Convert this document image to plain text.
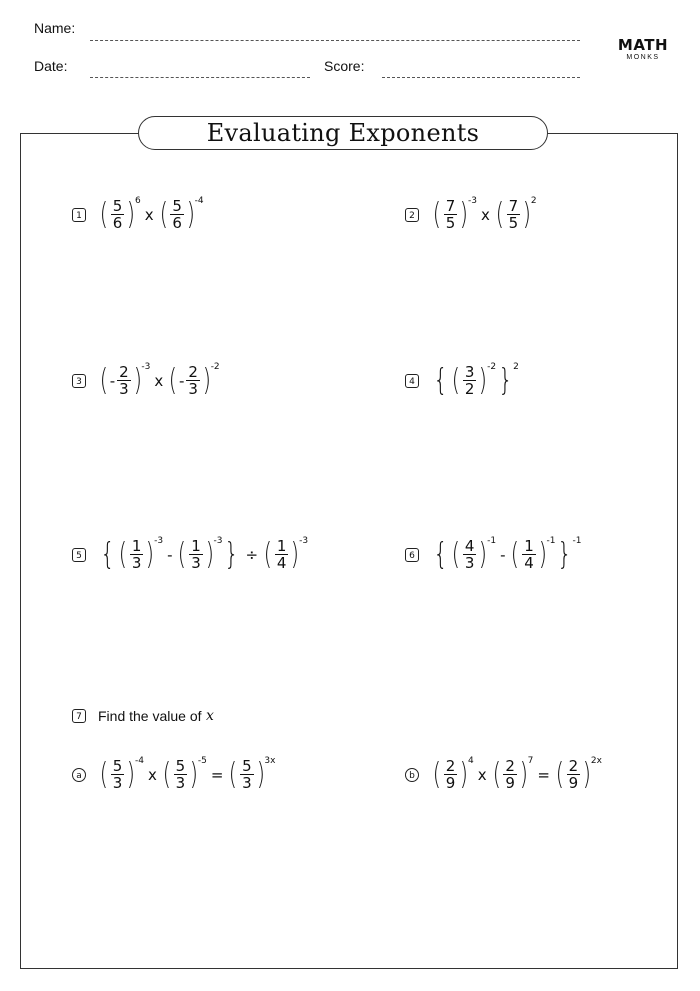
Name:
Date:	Score:
MATH
MONKS
Evaluating Exponents
1 ( $\frac{5}{6}$ ) 6
x ( $\frac{5}{6}$ ) -4
2 ( $\frac{7}{5}$ ) -3
x ( $\frac{7}{5}$ ) 2
3 ( - $\frac{2}{3}$ ) -3
x ( - $\frac{2}{3}$ ) -2
4 { ( $\frac{3}{2}$ ) -2 } 2
5 { ( $\frac{1}{3}$ ) -3
- ( $\frac{1}{3}$ ) -3 } ÷ ( $\frac{1}{4}$ ) -3
6 { ( $\frac{4}{3}$ ) -1
- ( $\frac{1}{4}$ ) -1 } -1
7 Find the value of
x
a ( $\frac{5}{3}$ ) -4
x ( $\frac{5}{3}$ ) -5
= ( $\frac{5}{3}$ ) 3x
b ( $\frac{2}{9}$ ) 4
x ( $\frac{2}{9}$ ) 7
= ( $\frac{2}{9}$ ) 2x
